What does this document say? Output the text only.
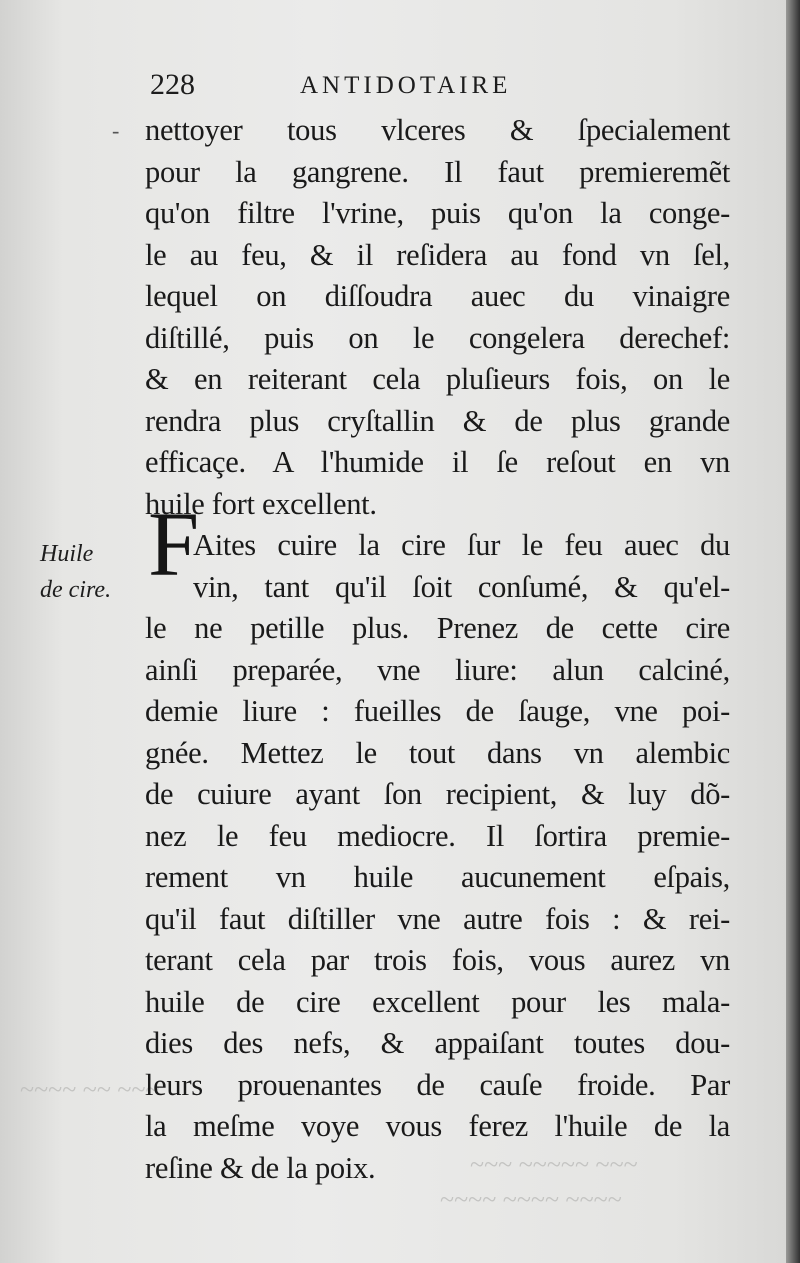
~~~~ ~~ ~~~
~~~ ~~~~~ ~~~
~~~~ ~~~~ ~~~~
228	ANTIDOTAIRE
-
Huile
de cire. F
nettoyer tous vlceres & ſpecialement
pour la gangrene. Il faut premieremẽt
qu'on filtre l'vrine, puis qu'on la conge-
le au feu, & il reſidera au fond vn ſel,
lequel on diſſoudra auec du vinaigre
diſtillé, puis on le congelera derechef:
& en reiterant cela pluſieurs fois, on le
rendra plus cryſtallin & de plus grande
efficaçe. A l'humide il ſe reſout en vn
huile fort excellent.
Aites cuire la cire ſur le feu auec du
vin, tant qu'il ſoit conſumé, & qu'el-
le ne petille plus. Prenez de cette cire
ainſi preparée, vne liure: alun calciné,
demie liure : fueilles de ſauge, vne poi-
gnée. Mettez le tout dans vn alembic
de cuiure ayant ſon recipient, & luy dõ-
nez le feu mediocre. Il ſortira premie-
rement vn huile aucunement eſpais,
qu'il faut diſtiller vne autre fois : & rei-
terant cela par trois fois, vous aurez vn
huile de cire excellent pour les mala-
dies des nefs, & appaiſant toutes dou-
leurs prouenantes de cauſe froide. Par
la meſme voye vous ferez l'huile de la
reſine & de la poix.
